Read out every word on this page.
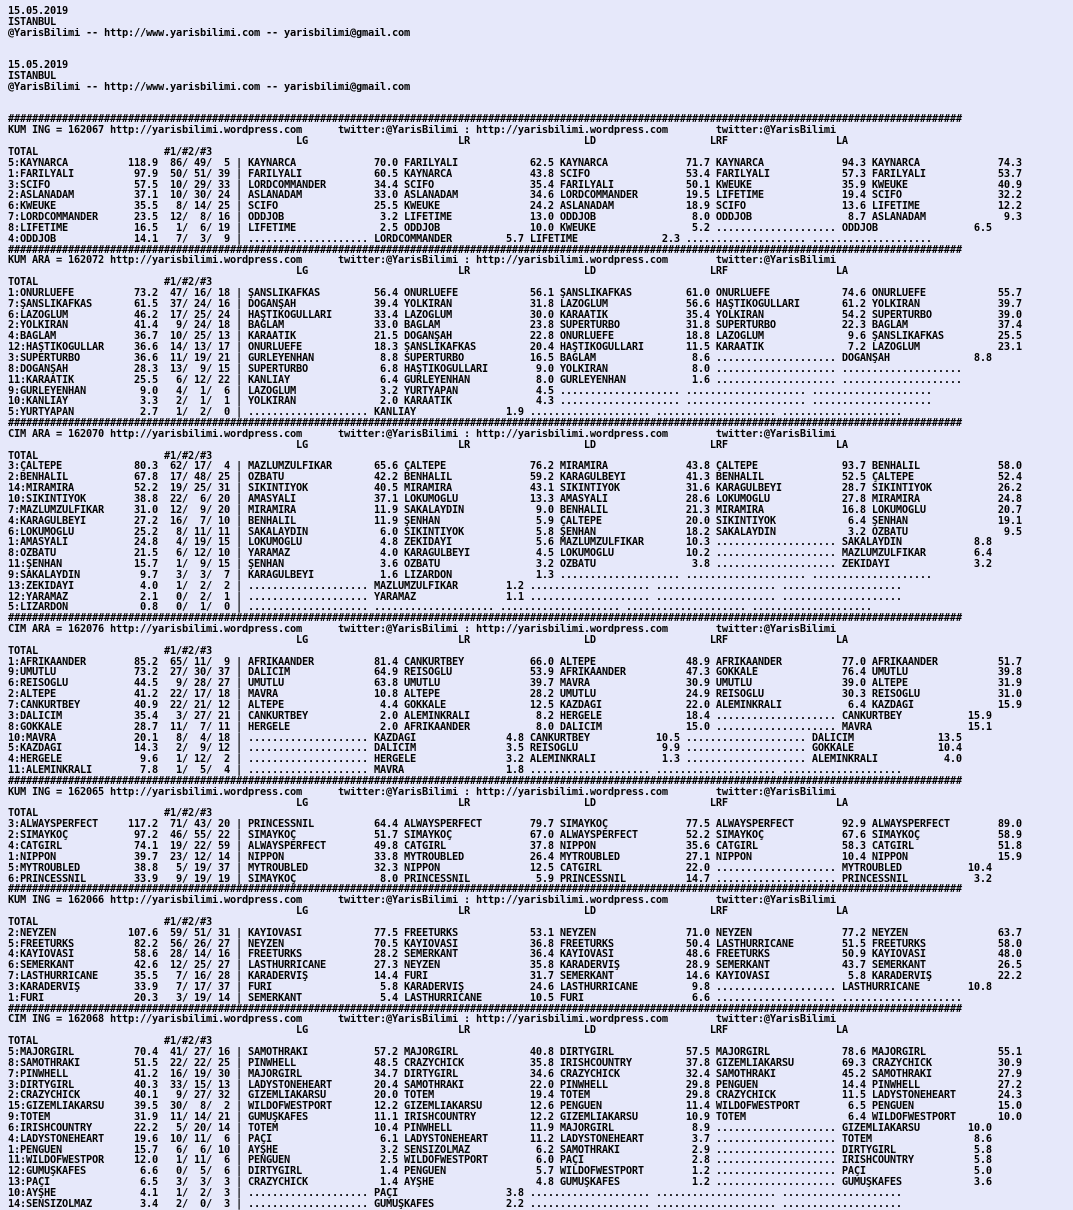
15.05.2019
ISTANBUL
@YarisBilimi -- http://www.yarisbilimi.com -- yarisbilimi@gmail.com

15.05.2019
ISTANBUL
@YarisBilimi -- http://www.yarisbilimi.com -- yarisbilimi@gmail.com

###############################################################################################################################################################
KUM ING = 162067 http://yarisbilimi.wordpress.com      twitter:@YarisBilimi : http://yarisbilimi.wordpress.com        twitter:@YarisBilimi
LG                         LR                   LD                   LRF                  LA
TOTAL                     #1/#2/#3
5:KAYNARCA          118.9  86/ 49/  5 | KAYNARCA             70.0 FARİLYALI            62.5 KAYNARCA             71.7 KAYNARCA             94.3 KAYNARCA             74.3
1:FARİLYALI          97.9  50/ 51/ 39 | FARİLYALI            60.5 KAYNARCA             43.8 SCIFO                53.4 FARİLYALI            57.3 FARİLYALI            53.7
3:SCIFO              57.5  10/ 29/ 33 | LORDCOMMANDER        34.4 SCIFO                35.4 FARİLYALI            50.1 KWEUKE               35.9 KWEUKE               40.9
2:ASLANADAM          37.1  10/ 30/ 24 | ASLANADAM            33.0 ASLANADAM            34.6 LORDCOMMANDER        19.5 LIFETIME             19.4 SCIFO                32.2
6:KWEUKE             35.5   8/ 14/ 25 | SCIFO                25.5 KWEUKE               24.2 ASLANADAM            18.9 SCIFO                13.6 LIFETIME             12.2
7:LORDCOMMANDER      23.5  12/  8/ 16 | ODDJOB                3.2 LIFETIME             13.0 ODDJOB                8.0 ODDJOB                8.7 ASLANADAM             9.3
8:LIFETIME           16.5   1/  6/ 19 | LIFETIME              2.5 ODDJOB               10.0 KWEUKE                5.2 .................... ODDJOB                6.5
4:ODDJOB             14.1   7/  3/  9 | .................... LORDCOMMANDER         5.7 LIFETIME              2.3 .................... ....................
###############################################################################################################################################################
KUM ARA = 162072 http://yarisbilimi.wordpress.com      twitter:@YarisBilimi : http://yarisbilimi.wordpress.com        twitter:@YarisBilimi
LG                         LR                   LD                   LRF                  LA
TOTAL                     #1/#2/#3
1:ONURLUEFE          73.2  47/ 16/ 18 | ŞANSLIKAFKAS         56.4 ONURLUEFE            56.1 ŞANSLIKAFKAS         61.0 ONURLUEFE            74.6 ONURLUEFE            55.7
7:ŞANSLIKAFKAS       61.5  37/ 24/ 16 | DOĞANŞAH             39.4 YOLKIRAN             31.8 LAZOĞLUM             56.6 HAŞTİKOĞULLARI       61.2 YOLKIRAN             39.7
6:LAZOĞLUM           46.2  17/ 25/ 24 | HAŞTİKOĞULLARI       33.4 LAZOĞLUM             30.0 KARAATİK             35.4 YOLKIRAN             54.2 SÜPERTURBO           39.0
2:YOLKIRAN           41.4   9/ 24/ 18 | BAĞLAM               33.0 BAĞLAM               23.8 SÜPERTURBO           31.8 SÜPERTURBO           22.3 BAĞLAM               37.4
4:BAĞLAM             36.7  10/ 25/ 13 | KARAATİK             21.5 DOĞANŞAH             22.8 ONURLUEFE            18.8 LAZOĞLUM              9.6 ŞANSLIKAFKAS         25.5
12:HAŞTİKOĞULLAR     36.6  14/ 13/ 17 | ONURLUEFE            18.3 ŞANSLIKAFKAS         20.4 HAŞTİKOĞULLARI       11.5 KARAATİK              7.2 LAZOĞLUM             23.1
3:SÜPERTURBO         36.6  11/ 19/ 21 | GÜRLEYENHAN           8.8 SÜPERTURBO           16.5 BAĞLAM                8.6 .................... DOĞANŞAH              8.8
8:DOĞANŞAH           28.3  13/  9/ 15 | SÜPERTURBO            6.8 HAŞTİKOĞULLARI        9.0 YOLKIRAN              8.0 .................... ....................
11:KARAATİK          25.5   6/ 12/ 22 | KANLIAY               6.4 GÜRLEYENHAN           8.0 GÜRLEYENHAN           1.6 .................... ....................
9:GÜRLEYENHAN         9.0   4/  1/  6 | LAZOĞLUM              3.2 YURTYAPAN             4.5 .................... .................... ....................
10:KANLIAY            3.3   2/  1/  1 | YOLKIRAN              2.0 KARAATİK              4.3 .................... .................... ....................
5:YURTYAPAN           2.7   1/  2/  0 | .................... KANLIAY               1.9 .................... .................... ....................
###############################################################################################################################################################
CIM ARA = 162070 http://yarisbilimi.wordpress.com      twitter:@YarisBilimi : http://yarisbilimi.wordpress.com        twitter:@YarisBilimi
LG                         LR                   LD                   LRF                  LA
TOTAL                     #1/#2/#3
3:ÇALTEPE            80.3  62/ 17/  4 | MAZLUMZÜLFİKAR       65.6 ÇALTEPE              76.2 MİRAMİRA             43.8 ÇALTEPE              93.7 BENHALİL             58.0
2:BENHALİL           67.8  17/ 48/ 25 | ÖZBATU               42.2 BENHALİL             59.2 KARAGÜLBEYİ          41.3 BENHALİL             52.5 ÇALTEPE              52.4
14:MİRAMİRA          52.2  19/ 25/ 31 | SIKINTIYOK           40.5 MİRAMİRA             43.1 SIKINTIYOK           31.6 KARAGÜLBEYİ          28.7 SIKINTIYOK           26.2
10:SIKINTIYOK        38.8  22/  6/ 20 | AMASYALI             37.1 LOKUMOĞLU            13.3 AMASYALI             28.6 LOKUMOĞLU            27.8 MİRAMİRA             24.8
7:MAZLUMZÜLFİKAR     31.0  12/  9/ 20 | MİRAMİRA             11.9 SAKALAYDIN            9.0 BENHALİL             21.3 MİRAMİRA             16.8 LOKUMOĞLU            20.7
4:KARAGÜLBEYİ        27.2  16/  7/ 10 | BENHALİL             11.9 ŞENHAN                5.9 ÇALTEPE              20.0 SIKINTIYOK            6.4 ŞENHAN               19.1
6:LOKUMOĞLU          25.2   8/ 11/ 11 | SAKALAYDIN            6.0 SIKINTIYOK            5.8 ŞENHAN               18.2 SAKALAYDIN            3.2 ÖZBATU                9.5
1:AMASYALI           24.8   4/ 19/ 15 | LOKUMOĞLU             4.8 ZEKİDAYI              5.6 MAZLUMZÜLFİKAR       10.3 .................... SAKALAYDIN            8.8
8:ÖZBATU             21.5   6/ 12/ 10 | YARAMAZ               4.0 KARAGÜLBEYİ           4.5 LOKUMOĞLU            10.2 .................... MAZLUMZÜLFİKAR        6.4
11:ŞENHAN            15.7   1/  9/ 15 | ŞENHAN                3.6 ÖZBATU                3.2 ÖZBATU                3.8 .................... ZEKİDAYI              3.2
9:SAKALAYDIN          9.7   3/  3/  7 | KARAGÜLBEYİ           1.6 LİZARDON              1.3 .................... .................... ....................
13:ZEKİDAYI           4.0   1/  2/  2 | .................... MAZLUMZÜLFİKAR        1.2 .................... .................... ....................
12:YARAMAZ            2.1   0/  2/  1 | .................... YARAMAZ               1.1 .................... .................... ....................
5:LİZARDON            0.8   0/  1/  0 | .................... .................... .................... .................... ....................
###############################################################################################################################################################
CIM ARA = 162076 http://yarisbilimi.wordpress.com      twitter:@YarisBilimi : http://yarisbilimi.wordpress.com        twitter:@YarisBilimi
LG                         LR                   LD                   LRF                  LA
TOTAL                     #1/#2/#3
1:AFRİKAANDER        85.2  65/ 11/  9 | AFRİKAANDER          81.4 CANKURTBEY           66.0 ALTEPE               48.9 AFRİKAANDER          77.0 AFRİKAANDER          51.7
9:UMUTLU             73.2  27/ 30/ 37 | DALICIM              64.9 REİSOĞLU             53.9 AFRİKAANDER          47.3 GÖKKALE              76.4 UMUTLU               39.8
6:REİSOĞLU           44.5   9/ 28/ 27 | UMUTLU               63.8 UMUTLU               39.7 MAVRA                30.9 UMUTLU               39.0 ALTEPE               31.9
2:ALTEPE             41.2  22/ 17/ 18 | MAVRA                10.8 ALTEPE               28.2 UMUTLU               24.9 REİSOĞLU             30.3 REİSOĞLU             31.0
7:CANKURTBEY         40.9  22/ 21/ 12 | ALTEPE                4.4 GÖKKALE              12.5 KAZDAĞI              22.0 ALEMİNKRALI           6.4 KAZDAĞI              15.9
3:DALICIM            35.4   3/ 27/ 21 | CANKURTBEY            2.0 ALEMİNKRALI           8.2 HERGELE              18.4 .................... CANKURTBEY           15.9
8:GÖKKALE            28.7  11/  7/ 11 | HERGELE               2.0 AFRİKAANDER           8.0 DALICIM              15.0 .................... MAVRA                15.1
10:MAVRA             20.1   8/  4/ 18 | .................... KAZDAĞI               4.8 CANKURTBEY           10.5 .................... DALICIM              13.5
5:KAZDAĞI            14.3   2/  9/ 12 | .................... DALICIM               3.5 REİSOĞLU              9.9 .................... GÖKKALE              10.4
4:HERGELE             9.6   1/ 12/  2 | .................... HERGELE               3.2 ALEMİNKRALI           1.3 .................... ALEMİNKRALI           4.0
11:ALEMİNKRALI        7.8   1/  5/  4 | .................... MAVRA                 1.8 .................... .................... ....................
###############################################################################################################################################################
KUM ING = 162065 http://yarisbilimi.wordpress.com      twitter:@YarisBilimi : http://yarisbilimi.wordpress.com        twitter:@YarisBilimi
LG                         LR                   LD                   LRF                  LA
TOTAL                     #1/#2/#3
3:ALWAYSPERFECT     117.2  71/ 43/ 20 | PRINCESSNIL          64.4 ALWAYSPERFECT        79.7 SİMAYKOÇ             77.5 ALWAYSPERFECT        92.9 ALWAYSPERFECT        89.0
2:SİMAYKOÇ           97.2  46/ 55/ 22 | SİMAYKOÇ             51.7 SİMAYKOÇ             67.0 ALWAYSPERFECT        52.2 SİMAYKOÇ             67.6 SİMAYKOÇ             58.9
4:CATGIRL            74.1  19/ 22/ 59 | ALWAYSPERFECT        49.8 CATGIRL              37.8 NIPPON               35.6 CATGIRL              58.3 CATGIRL              51.8
1:NIPPON             39.7  23/ 12/ 14 | NIPPON               33.8 MYTROUBLED           26.4 MYTROUBLED           27.1 NIPPON               10.4 NIPPON               15.9
5:MYTROUBLED         38.8   5/ 19/ 37 | MYTROUBLED           32.3 NIPPON               12.5 CATGIRL              22.0 .................... MYTROUBLED           10.4
6:PRINCESSNIL        33.9   9/ 19/ 19 | SİMAYKOÇ              8.0 PRINCESSNIL           5.9 PRINCESSNIL          14.7 .................... PRINCESSNIL           3.2
###############################################################################################################################################################
KUM ING = 162066 http://yarisbilimi.wordpress.com      twitter:@YarisBilimi : http://yarisbilimi.wordpress.com        twitter:@YarisBilimi
LG                         LR                   LD                   LRF                  LA
TOTAL                     #1/#2/#3
2:NEYZEN            107.6  59/ 51/ 31 | KAYIOVASI            77.5 FREETURKS            53.1 NEYZEN               71.0 NEYZEN               77.2 NEYZEN               63.7
5:FREETURKS          82.2  56/ 26/ 27 | NEYZEN               70.5 KAYIOVASI            36.8 FREETURKS            50.4 LASTHURRİCANE        51.5 FREETURKS            58.0
4:KAYIOVASI          58.6  28/ 14/ 16 | FREETURKS            28.2 SEMERKANT            36.4 KAYIOVASI            48.6 FREETURKS            50.9 KAYIOVASI            48.0
6:SEMERKANT          42.6  12/ 25/ 27 | LASTHURRİCANE        27.3 NEYZEN               35.8 KARADERVİŞ           28.9 SEMERKANT            43.7 SEMERKANT            26.5
7:LASTHURRİCANE      35.5   7/ 16/ 28 | KARADERVİŞ           14.4 FURI                 31.7 SEMERKANT            14.6 KAYIOVASI             5.8 KARADERVİŞ           22.2
3:KARADERVİŞ         33.9   7/ 17/ 37 | FURI                  5.8 KARADERVİŞ           24.6 LASTHURRİCANE         9.8 .................... LASTHURRİCANE        10.8
1:FURI               20.3   3/ 19/ 14 | SEMERKANT             5.4 LASTHURRİCANE        10.5 FURI                  6.6 .................... ....................
###############################################################################################################################################################
CIM ING = 162068 http://yarisbilimi.wordpress.com      twitter:@YarisBilimi : http://yarisbilimi.wordpress.com        twitter:@YarisBilimi
LG                         LR                   LD                   LRF                  LA
TOTAL                     #1/#2/#3
5:MAJORGIRL          70.4  41/ 27/ 16 | SAMOTHRAKI           57.2 MAJORGIRL            40.8 DIRTYGIRL            57.5 MAJORGIRL            78.6 MAJORGIRL            55.1
8:SAMOTHRAKI         51.5  22/ 22/ 25 | PINWHELL             48.5 CRAZYCHICK           35.8 IRISHCOUNTRY         37.8 GİZEMLİAKARSU        69.3 CRAZYCHICK           30.9
7:PINWHELL           41.2  16/ 19/ 30 | MAJORGIRL            34.7 DIRTYGIRL            34.6 CRAZYCHICK           32.4 SAMOTHRAKI           45.2 SAMOTHRAKI           27.9
3:DIRTYGIRL          40.3  33/ 15/ 13 | LADYSTONEHEART       20.4 SAMOTHRAKI           22.0 PINWHELL             29.8 PENGUEN              14.4 PINWHELL             27.2
2:CRAZYCHICK         40.1   9/ 27/ 32 | GİZEMLİAKARSU        20.0 TOTEM                19.4 TOTEM                29.8 CRAZYCHICK           11.5 LADYSTONEHEART       24.3
15:GİZEMLİAKARSU     39.5  30/  8/  2 | WİLDOFWESTPORT       12.2 GİZEMLİAKARSU        12.6 PENGUEN              11.4 WİLDOFWESTPORT        6.5 PENGUEN              15.0
9:TOTEM              31.9  11/ 14/ 21 | GÜMÜŞKAFES           11.1 IRISHCOUNTRY         12.2 GİZEMLİAKARSU        10.9 TOTEM                 6.4 WİLDOFWESTPORT       10.0
6:IRISHCOUNTRY       22.2   5/ 20/ 14 | TOTEM                10.4 PINWHELL             11.9 MAJORGIRL             8.9 .................... GİZEMLİAKARSU        10.0
4:LADYSTONEHEART     19.6  10/ 11/  6 | PAÇI                  6.1 LADYSTONEHEART       11.2 LADYSTONEHEART        3.7 .................... TOTEM                 8.6
1:PENGUEN            15.7   6/  6/ 10 | AYŞHE                 3.2 SENSİZOLMAZ           6.2 SAMOTHRAKI            2.9 .................... DIRTYGIRL             5.8
11:WİLDOFWESTPOR     12.0   1/ 11/  6 | PENGUEN               2.5 WİLDOFWESTPORT        6.0 PAÇI                  2.8 .................... IRISHCOUNTRY          5.8
12:GÜMÜŞKAFES         6.6   0/  5/  6 | DIRTYGIRL             1.4 PENGUEN               5.7 WİLDOFWESTPORT        1.2 .................... PAÇI                  5.0
13:PAÇI               6.5   3/  3/  3 | CRAZYCHICK            1.4 AYŞHE                 4.8 GÜMÜŞKAFES            1.2 .................... GÜMÜŞKAFES            3.6
10:AYŞHE              4.1   1/  2/  3 | .................... PAÇI                  3.8 .................... .................... ....................
14:SENSİZOLMAZ        3.4   2/  0/  3 | .................... GÜMÜŞKAFES            2.2 .................... .................... ....................
